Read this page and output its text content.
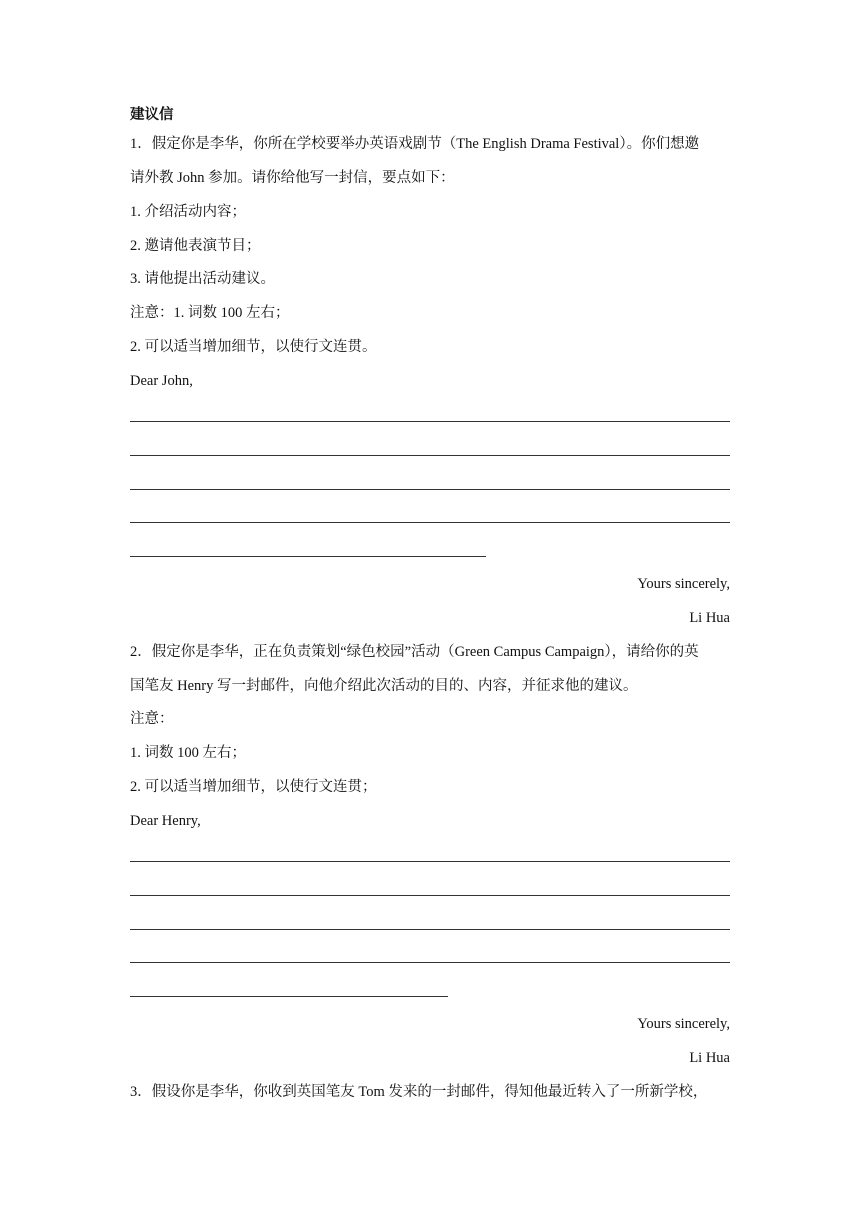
建议信
1．假定你是李华，你所在学校要举办英语戏剧节（The English Drama Festival）。你们想邀
请外教 John 参加。请你给他写一封信，要点如下：
1. 介绍活动内容；
2. 邀请他表演节目；
3. 请他提出活动建议。
注意：1. 词数 100 左右；
2. 可以适当增加细节，以使行文连贯。
Dear John,
Yours sincerely,
Li Hua
2．假定你是李华，正在负责策划“绿色校园”活动（Green Campus Campaign），请给你的英
国笔友 Henry 写一封邮件，向他介绍此次活动的目的、内容，并征求他的建议。
注意：
1. 词数 100 左右；
2. 可以适当增加细节，以使行文连贯；
Dear Henry,
Yours sincerely,
Li Hua
3．假设你是李华，你收到英国笔友 Tom 发来的一封邮件，得知他最近转入了一所新学校，
